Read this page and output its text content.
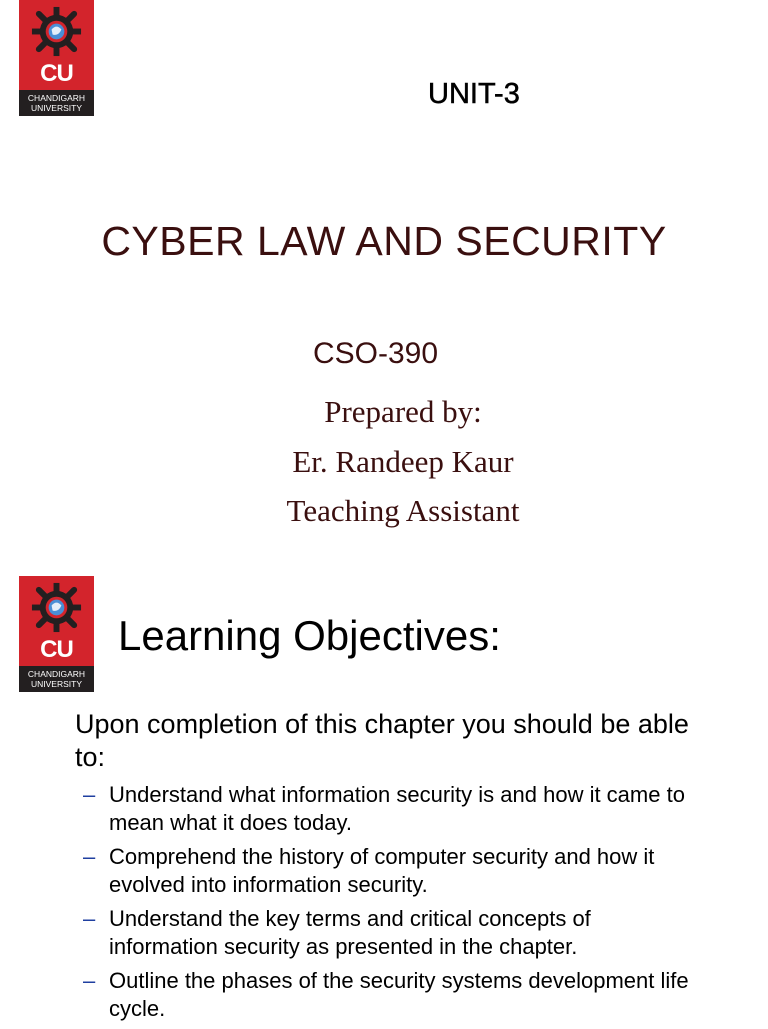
CU
CHANDIGARH
UNIVERSITY	UNIT-3
CYBER LAW AND SECURITY
CSO-390
Prepared by:
Er. Randeep Kaur
Teaching Assistant
CU
CHANDIGARH
UNIVERSITY
Learning Objectives:
Upon completion of this chapter you should be able to:
– Understand what information security is and how it came to mean what it does today.
– Comprehend the history of computer security and how it evolved into information security.
– Understand the key terms and critical concepts of information security as presented in the chapter.
– Outline the phases of the security systems development life cycle.
